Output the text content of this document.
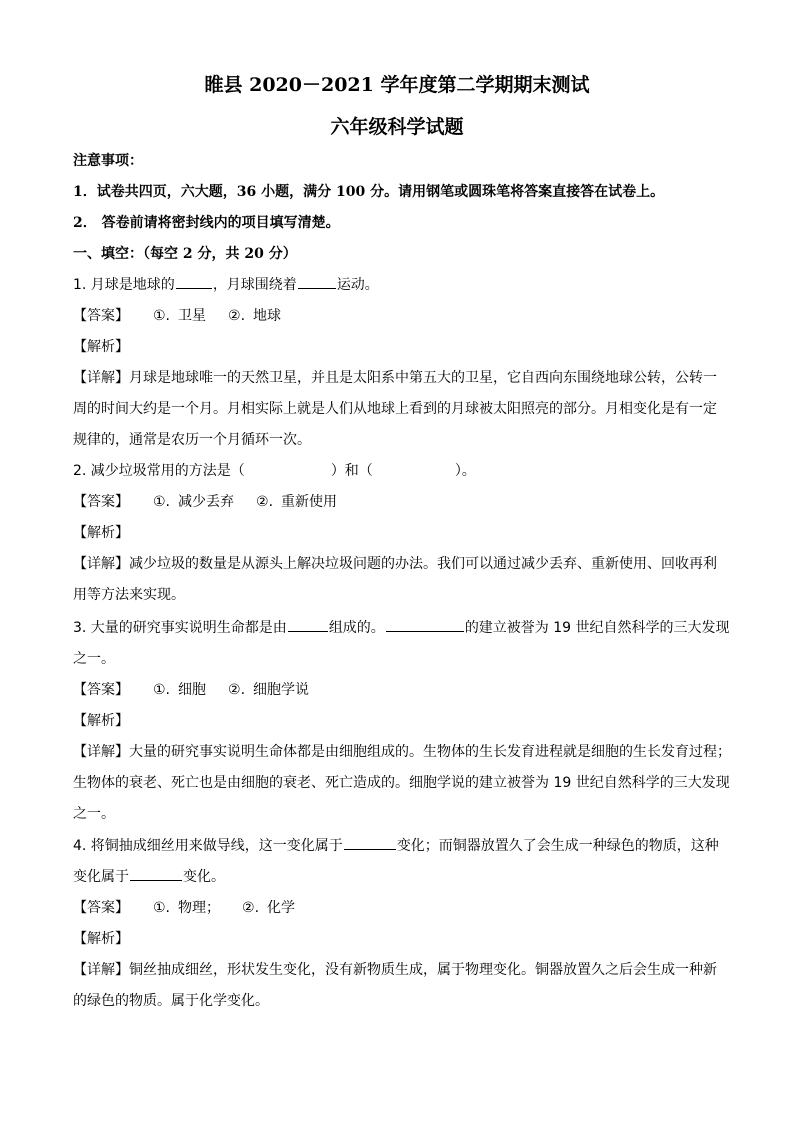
睢县 2020－2021 学年度第二学期期末测试
六年级科学试题
注意事项：
1．试卷共四页，六大题，36 小题，满分 100 分。请用钢笔或圆珠笔将答案直接答在试卷上。
2． 答卷前请将密封线内的项目填写清楚。
一、填空：（每空 2 分，共 20 分）
1. 月球是地球的	，月球围绕着	运动。
【答案】 ①. 卫星 ②. 地球
【解析】
【详解】月球是地球唯一的天然卫星，并且是太阳系中第五大的卫星，它自西向东围绕地球公转，公转一
周的时间大约是一个月。月相实际上就是人们从地球上看到的月球被太阳照亮的部分。月相变化是有一定
规律的，通常是农历一个月循环一次。
2. 减少垃圾常用的方法是（	）和（	）。
【答案】 ①. 减少丢弃 ②. 重新使用
【解析】
【详解】减少垃圾的数量是从源头上解决垃圾问题的办法。我们可以通过减少丢弃、重新使用、回收再利
用等方法来实现。
3. 大量的研究事实说明生命都是由	组成的。	的建立被誉为 19 世纪自然科学的三大发现
之一。
【答案】 ①. 细胞 ②. 细胞学说
【解析】
【详解】大量的研究事实说明生命体都是由细胞组成的。生物体的生长发育进程就是细胞的生长发育过程；
生物体的衰老、死亡也是由细胞的衰老、死亡造成的。细胞学说的建立被誉为 19 世纪自然科学的三大发现
之一。
4. 将铜抽成细丝用来做导线，这一变化属于	变化；而铜器放置久了会生成一种绿色的物质，这种
变化属于	变化。
【答案】 ①. 物理； ②. 化学
【解析】
【详解】铜丝抽成细丝，形状发生变化，没有新物质生成，属于物理变化。铜器放置久之后会生成一种新
的绿色的物质。属于化学变化。
